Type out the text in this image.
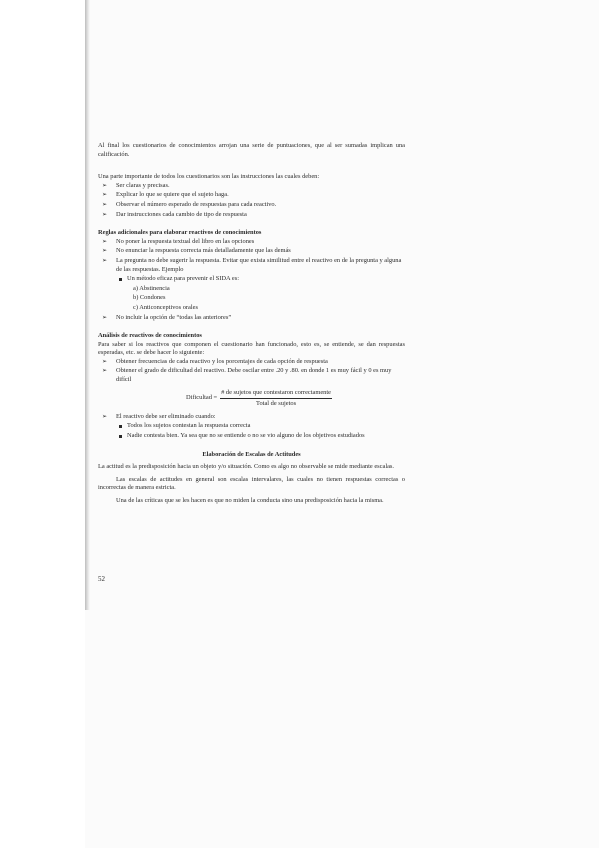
Al final los cuestionarios de conocimientos arrojan una serie de puntuaciones, que al ser sumadas implican una calificación.

Una parte importante de todos los cuestionarios son las instrucciones las cuales deben:

➢ Ser claras y precisas.
➢ Explicar lo que se quiere que el sujeto haga.
➢ Observar el número esperado de respuestas para cada reactivo.
➢ Dar instrucciones cada cambio de tipo de respuesta

Reglas adicionales para elaborar reactivos de conocimientos

➢ No poner la respuesta textual del libro en las opciones
➢ No enunciar la respuesta correcta más detalladamente que las demás
➢ La pregunta no debe sugerir la respuesta. Evitar que exista similitud entre el reactivo en de la pregunta y alguna de las respuestas. Ejemplo
Un método eficaz para prevenir el SIDA es:
a) Abstinencia
b) Condones
c) Anticonceptivos orales
➢ No incluir la opción de “todas las anteriores”

Análisis de reactivos de conocimientos

Para saber si los reactivos que componen el cuestionario han funcionado, esto es, se entiende, se dan respuestas esperadas, etc. se debe hacer lo siguiente:

➢ Obtener frecuencias de cada reactivo y los porcentajes de cada opción de respuesta
➢ Obtener el grado de dificultad del reactivo. Debe oscilar entre .20 y .80. en donde 1 es muy fácil y 0 es muy difícil
Dificultad = $\frac{\text{\# de sujetos que contestaron correctamente}}{\text{Total de sujetos}}$
➢ El reactivo debe ser eliminado cuando:
Todos los sujetos contestan la respuesta correcta
Nadie contesta bien. Ya sea que no se entiende o no se vio alguno de los objetivos estudiados

Elaboración de Escalas de Actitudes

La actitud es la predisposición hacia un objeto y/o situación. Como es algo no observable se mide mediante escalas.

Las escalas de actitudes en general son escalas intervalares, las cuales no tienen respuestas correctas o incorrectas de manera estricta.

Una de las críticas que se les hacen es que no miden la conducta sino una predisposición hacia la misma.

52
